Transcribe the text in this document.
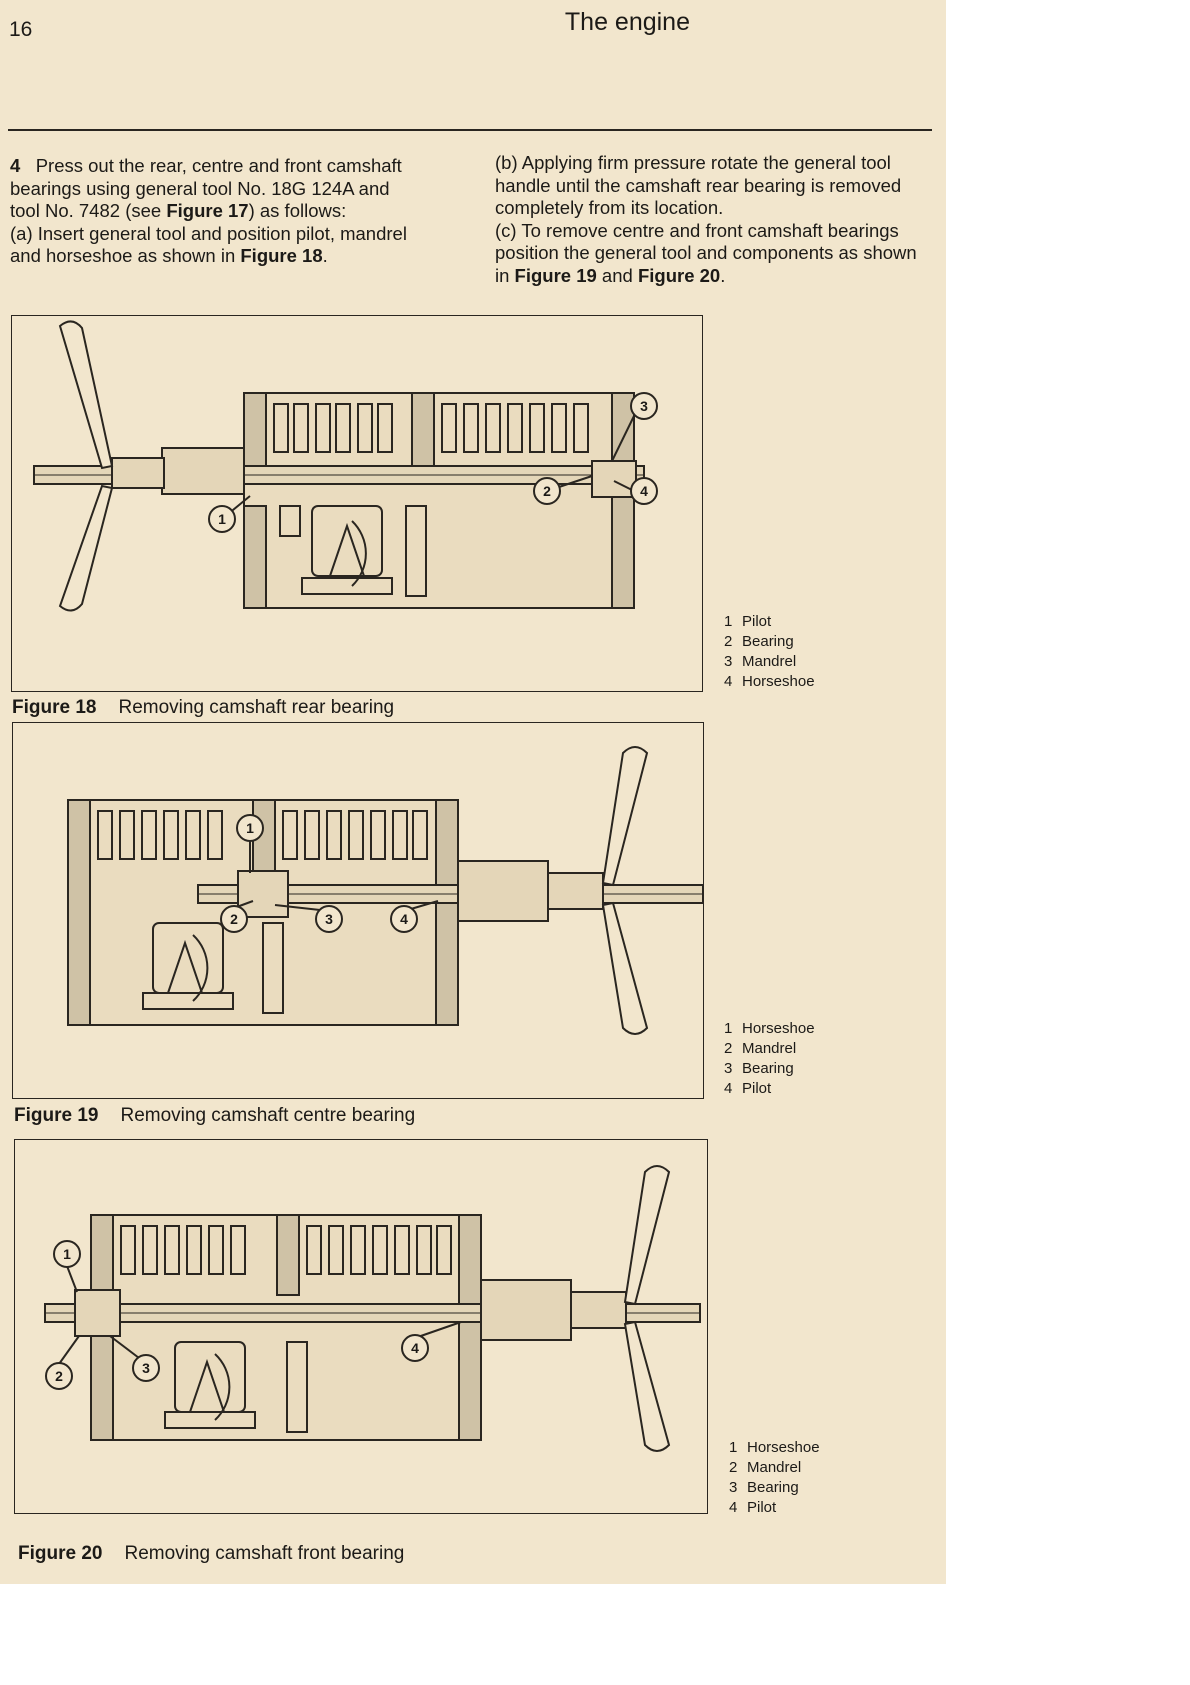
16	The engine

4 Press out the rear, centre and front camshaft bearings using general tool No. 18G 124A and tool No. 7482 (see Figure 17) as follows:

(a) Insert general tool and position pilot, mandrel and horseshoe as shown in Figure 18.

(b) Applying firm pressure rotate the general tool handle until the camshaft rear bearing is removed completely from its location.

(c) To remove centre and front camshaft bearings position the general tool and components as shown in Figure 19 and Figure 20.

1
2
3
4
Figure 18 Removing camshaft rear bearing
1 Pilot
2 Bearing
3 Mandrel
4 Horseshoe
1
2	3	4
Figure 19 Removing camshaft centre bearing
1 Horseshoe
2 Mandrel
3 Bearing
4 Pilot
1
2	3
4
Figure 20 Removing camshaft front bearing
1 Horseshoe
2 Mandrel
3 Bearing
4 Pilot
